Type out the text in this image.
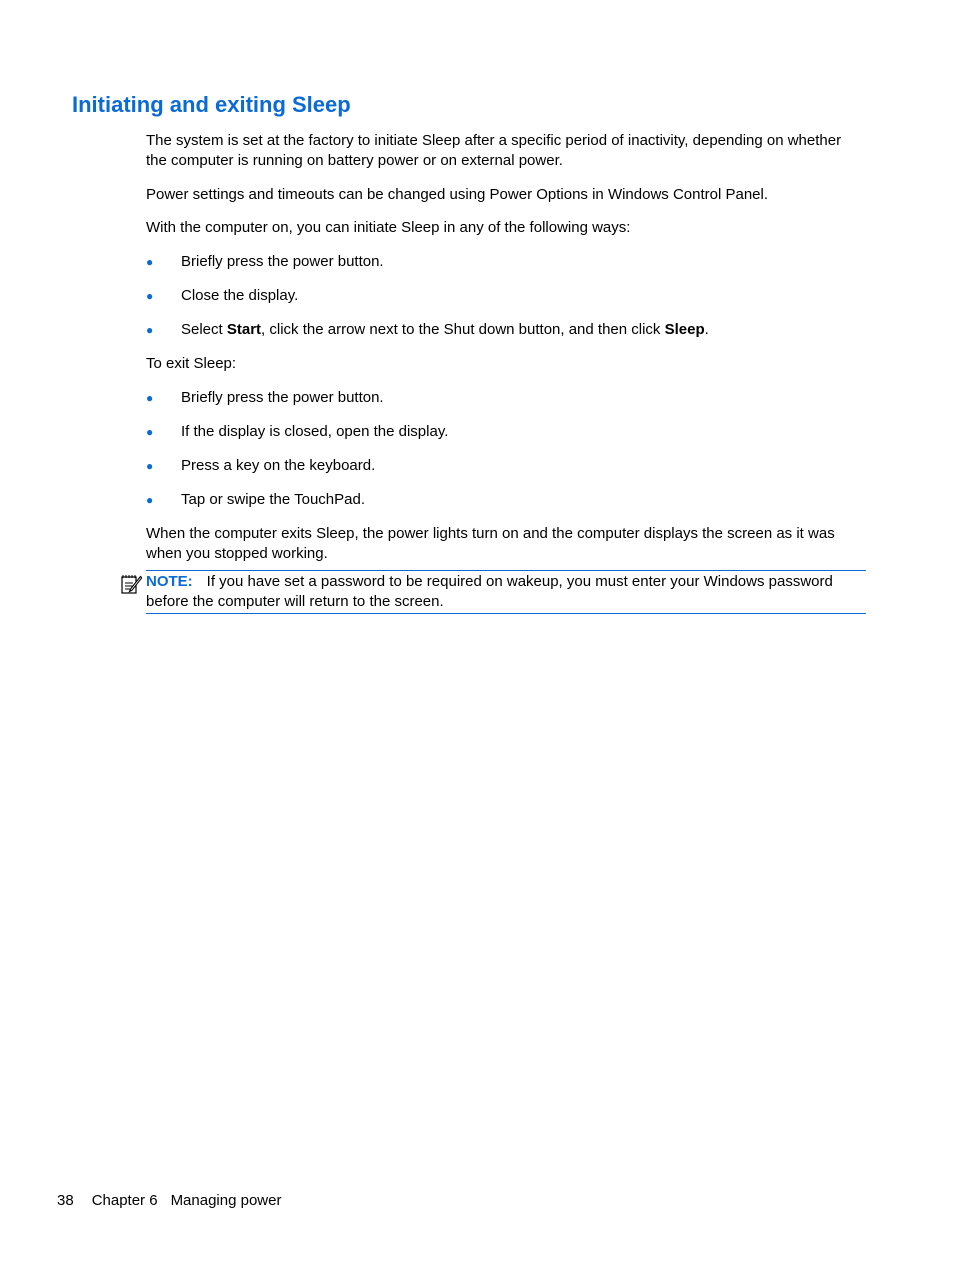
Initiating and exiting Sleep

The system is set at the factory to initiate Sleep after a specific period of inactivity, depending on whether the computer is running on battery power or on external power.

Power settings and timeouts can be changed using Power Options in Windows Control Panel.

With the computer on, you can initiate Sleep in any of the following ways:

● Briefly press the power button.
● Close the display.
● Select Start, click the arrow next to the Shut down button, and then click Sleep.

To exit Sleep:

● Briefly press the power button.
● If the display is closed, open the display.
● Press a key on the keyboard.
● Tap or swipe the TouchPad.

When the computer exits Sleep, the power lights turn on and the computer displays the screen as it was when you stopped working.

NOTE: If you have set a password to be required on wakeup, you must enter your Windows password before the computer will return to the screen.
38 Chapter 6 Managing power
